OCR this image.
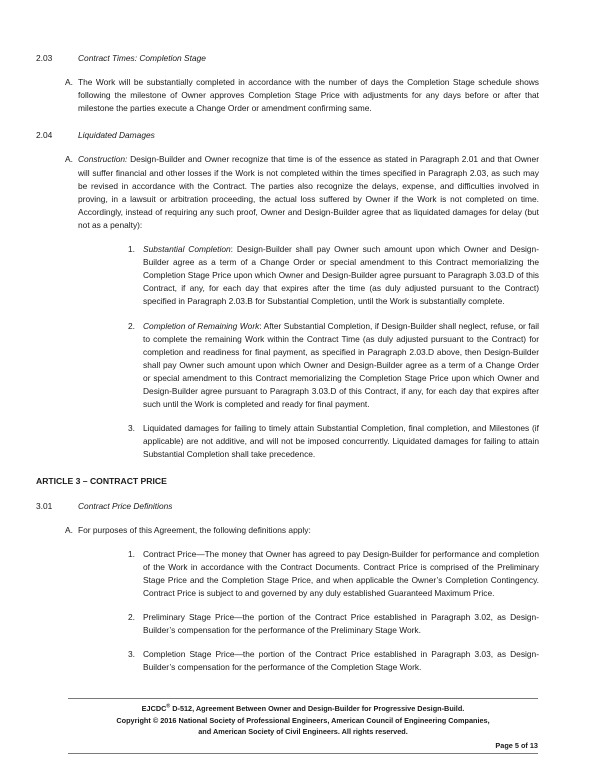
2.03	Contract Times: Completion Stage
A. The Work will be substantially completed in accordance with the number of days the Completion Stage schedule shows following the milestone of Owner approves Completion Stage Price with adjustments for any days before or after that milestone the parties execute a Change Order or amendment confirming same.
2.04	Liquidated Damages
A. Construction: Design-Builder and Owner recognize that time is of the essence as stated in Paragraph 2.01 and that Owner will suffer financial and other losses if the Work is not completed within the times specified in Paragraph 2.03, as such may be revised in accordance with the Contract. The parties also recognize the delays, expense, and difficulties involved in proving, in a lawsuit or arbitration proceeding, the actual loss suffered by Owner if the Work is not completed on time. Accordingly, instead of requiring any such proof, Owner and Design-Builder agree that as liquidated damages for delay (but not as a penalty):
1. Substantial Completion: Design-Builder shall pay Owner such amount upon which Owner and Design-Builder agree as a term of a Change Order or special amendment to this Contract memorializing the Completion Stage Price upon which Owner and Design-Builder agree pursuant to Paragraph 3.03.D of this Contract, if any, for each day that expires after the time (as duly adjusted pursuant to the Contract) specified in Paragraph 2.03.B for Substantial Completion, until the Work is substantially complete.
2. Completion of Remaining Work: After Substantial Completion, if Design-Builder shall neglect, refuse, or fail to complete the remaining Work within the Contract Time (as duly adjusted pursuant to the Contract) for completion and readiness for final payment, as specified in Paragraph 2.03.D above, then Design-Builder shall pay Owner such amount upon which Owner and Design-Builder agree as a term of a Change Order or special amendment to this Contract memorializing the Completion Stage Price upon which Owner and Design-Builder agree pursuant to Paragraph 3.03.D of this Contract, if any, for each day that expires after such until the Work is completed and ready for final payment.
3. Liquidated damages for failing to timely attain Substantial Completion, final completion, and Milestones (if applicable) are not additive, and will not be imposed concurrently. Liquidated damages for failing to attain Substantial Completion shall take precedence.
ARTICLE 3 – CONTRACT PRICE
3.01	Contract Price Definitions
A. For purposes of this Agreement, the following definitions apply:
1. Contract Price—The money that Owner has agreed to pay Design-Builder for performance and completion of the Work in accordance with the Contract Documents. Contract Price is comprised of the Preliminary Stage Price and the Completion Stage Price, and when applicable the Owner’s Completion Contingency. Contract Price is subject to and governed by any duly established Guaranteed Maximum Price.
2. Preliminary Stage Price—the portion of the Contract Price established in Paragraph 3.02, as Design-Builder’s compensation for the performance of the Preliminary Stage Work.
3. Completion Stage Price—the portion of the Contract Price established in Paragraph 3.03, as Design-Builder’s compensation for the performance of the Completion Stage Work.
EJCDC® D-512, Agreement Between Owner and Design-Builder for Progressive Design-Build.
Copyright © 2016 National Society of Professional Engineers, American Council of Engineering Companies,
and American Society of Civil Engineers. All rights reserved.
Page 5 of 13
